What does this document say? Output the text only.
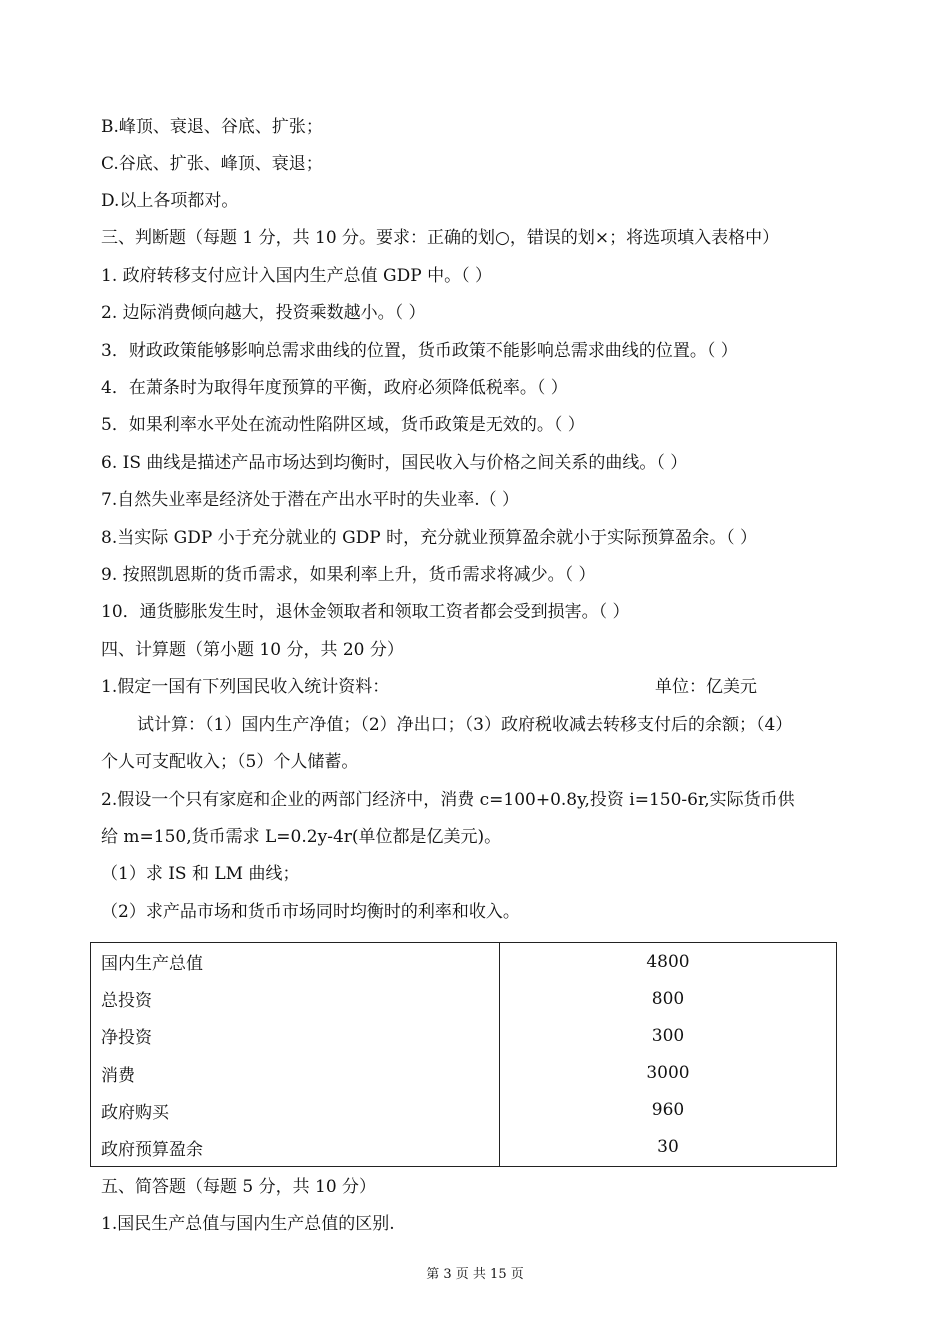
B.峰顶、衰退、谷底、扩张；
C.谷底、扩张、峰顶、衰退；
D.以上各项都对。
三、判断题（每题 1 分，共 10 分。要求：正确的划○，错误的划×；将选项填入表格中）
1. 政府转移支付应计入国内生产总值 GDP 中。（ ）
2. 边际消费倾向越大，投资乘数越小。（ ）
3．财政政策能够影响总需求曲线的位置，货币政策不能影响总需求曲线的位置。（ ）
4．在萧条时为取得年度预算的平衡，政府必须降低税率。（ ）
5．如果利率水平处在流动性陷阱区域，货币政策是无效的。（ ）
6. IS 曲线是描述产品市场达到均衡时，国民收入与价格之间关系的曲线。（ ）
7.自然失业率是经济处于潜在产出水平时的失业率.（ ）
8.当实际 GDP 小于充分就业的 GDP 时，充分就业预算盈余就小于实际预算盈余。（ ）
9. 按照凯恩斯的货币需求，如果利率上升，货币需求将减少。（ ）
10．通货膨胀发生时，退休金领取者和领取工资者都会受到损害。（ ）
四、计算题（第小题 10 分，共 20 分）
1.假定一国有下列国民收入统计资料：	单位：亿美元
试计算：（1）国内生产净值；（2）净出口；（3）政府税收减去转移支付后的余额；（4）
个人可支配收入；（5）个人储蓄。
2.假设一个只有家庭和企业的两部门经济中，消费 c=100+0.8y,投资 i=150-6r,实际货币供
给 m=150,货币需求 L=0.2y-4r(单位都是亿美元)。
（1）求 IS 和 LM 曲线；
（2）求产品市场和货币市场同时均衡时的利率和收入。
国内生产总值	4800
总投资	800
净投资	300
消费	3000
政府购买	960
政府预算盈余	30
五、简答题（每题 5 分，共 10 分）
1.国民生产总值与国内生产总值的区别.
第 3 页 共 15 页
